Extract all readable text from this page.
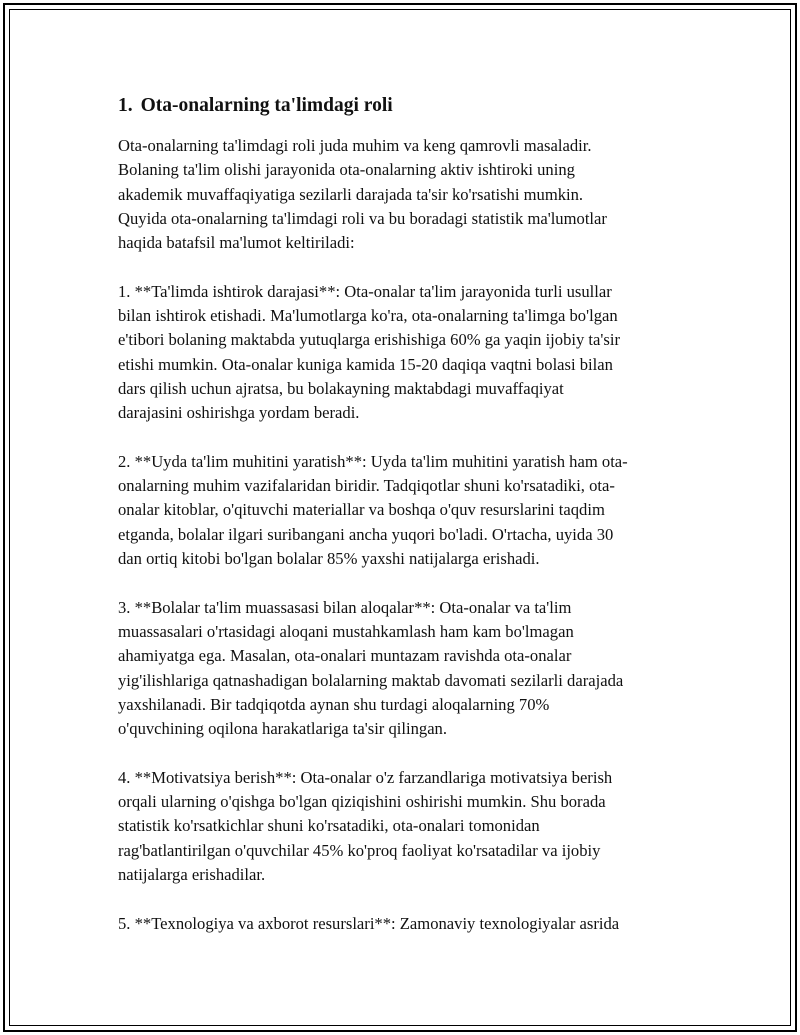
1. Ota-onalarning ta'limdagi roli

Ota-onalarning ta'limdagi roli juda muhim va keng qamrovli masaladir.
Bolaning ta'lim olishi jarayonida ota-onalarning aktiv ishtiroki uning
akademik muvaffaqiyatiga sezilarli darajada ta'sir ko'rsatishi mumkin.
Quyida ota-onalarning ta'limdagi roli va bu boradagi statistik ma'lumotlar
haqida batafsil ma'lumot keltiriladi:

1. **Ta'limda ishtirok darajasi**: Ota-onalar ta'lim jarayonida turli usullar
bilan ishtirok etishadi. Ma'lumotlarga ko'ra, ota-onalarning ta'limga bo'lgan
e'tibori bolaning maktabda yutuqlarga erishishiga 60% ga yaqin ijobiy ta'sir
etishi mumkin. Ota-onalar kuniga kamida 15-20 daqiqa vaqtni bolasi bilan
dars qilish uchun ajratsa, bu bolakayning maktabdagi muvaffaqiyat
darajasini oshirishga yordam beradi.

2. **Uyda ta'lim muhitini yaratish**: Uyda ta'lim muhitini yaratish ham ota-
onalarning muhim vazifalaridan biridir. Tadqiqotlar shuni ko'rsatadiki, ota-
onalar kitoblar, o'qituvchi materiallar va boshqa o'quv resurslarini taqdim
etganda, bolalar ilgari suribangani ancha yuqori bo'ladi. O'rtacha, uyida 30
dan ortiq kitobi bo'lgan bolalar 85% yaxshi natijalarga erishadi.

3. **Bolalar ta'lim muassasasi bilan aloqalar**: Ota-onalar va ta'lim
muassasalari o'rtasidagi aloqani mustahkamlash ham kam bo'lmagan
ahamiyatga ega. Masalan, ota-onalari muntazam ravishda ota-onalar
yig'ilishlariga qatnashadigan bolalarning maktab davomati sezilarli darajada
yaxshilanadi. Bir tadqiqotda aynan shu turdagi aloqalarning 70%
o'quvchining oqilona harakatlariga ta'sir qilingan.

4. **Motivatsiya berish**: Ota-onalar o'z farzandlariga motivatsiya berish
orqali ularning o'qishga bo'lgan qiziqishini oshirishi mumkin. Shu borada
statistik ko'rsatkichlar shuni ko'rsatadiki, ota-onalari tomonidan
rag'batlantirilgan o'quvchilar 45% ko'proq faoliyat ko'rsatadilar va ijobiy
natijalarga erishadilar.

5. **Texnologiya va axborot resurslari**: Zamonaviy texnologiyalar asrida
